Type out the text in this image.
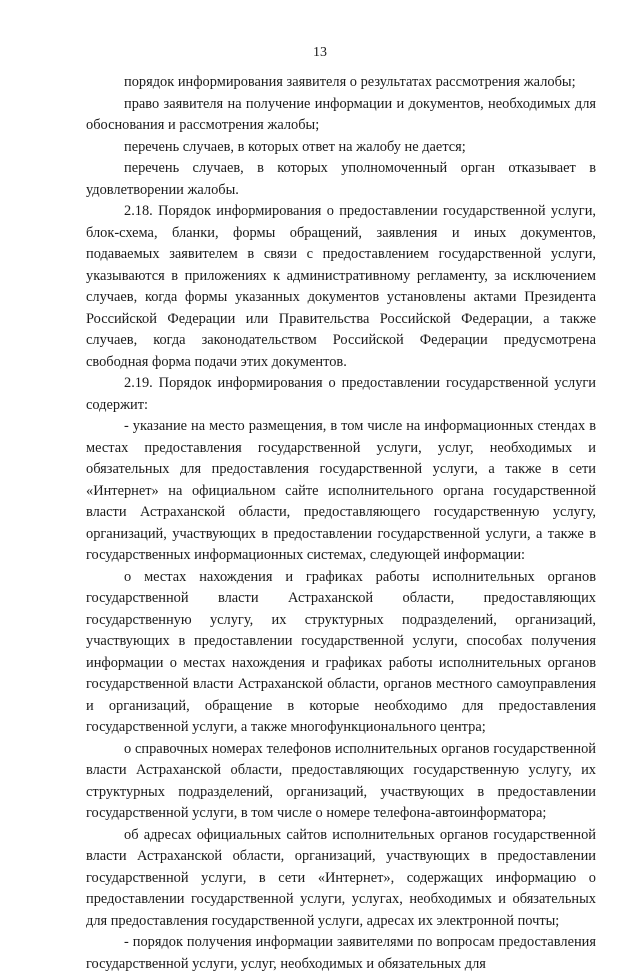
13

порядок информирования заявителя о результатах рассмотрения жалобы;

право заявителя на получение информации и документов, необходимых для обоснования и рассмотрения жалобы;

перечень случаев, в которых ответ на жалобу не дается;

перечень случаев, в которых уполномоченный орган отказывает в удовлетворении жалобы.

2.18. Порядок информирования о предоставлении государственной услуги, блок-схема, бланки, формы обращений, заявления и иных документов, подаваемых заявителем в связи с предоставлением государственной услуги, указываются в приложениях к административному регламенту, за исключением случаев, когда формы указанных документов установлены актами Президента Российской Федерации или Правительства Российской Федерации, а также случаев, когда законодательством Российской Федерации предусмотрена свободная форма подачи этих документов.

2.19. Порядок информирования о предоставлении государственной услуги содержит:

- указание на место размещения, в том числе на информационных стендах в местах предоставления государственной услуги, услуг, необходимых и обязательных для предоставления государственной услуги, а также в сети «Интернет» на официальном сайте исполнительного органа государственной власти Астраханской области, предоставляющего государственную услугу, организаций, участвующих в предоставлении государственной услуги, а также в государственных информационных системах, следующей информации:

о местах нахождения и графиках работы исполнительных органов государственной власти Астраханской области, предоставляющих государственную услугу, их структурных подразделений, организаций, участвующих в предоставлении государственной услуги, способах получения информации о местах нахождения и графиках работы исполнительных органов государственной власти Астраханской области, органов местного самоуправления и организаций, обращение в которые необходимо для предоставления государственной услуги, а также многофункционального центра;

о справочных номерах телефонов исполнительных органов государственной власти Астраханской области, предоставляющих государственную услугу, их структурных подразделений, организаций, участвующих в предоставлении государственной услуги, в том числе о номере телефона-автоинформатора;

об адресах официальных сайтов исполнительных органов государственной власти Астраханской области, организаций, участвующих в предоставлении государственной услуги, в сети «Интернет», содержащих информацию о предоставлении государственной услуги, услугах, необходимых и обязательных для предоставления государственной услуги, адресах их электронной почты;

- порядок получения информации заявителями по вопросам предоставления государственной услуги, услуг, необходимых и обязательных для
